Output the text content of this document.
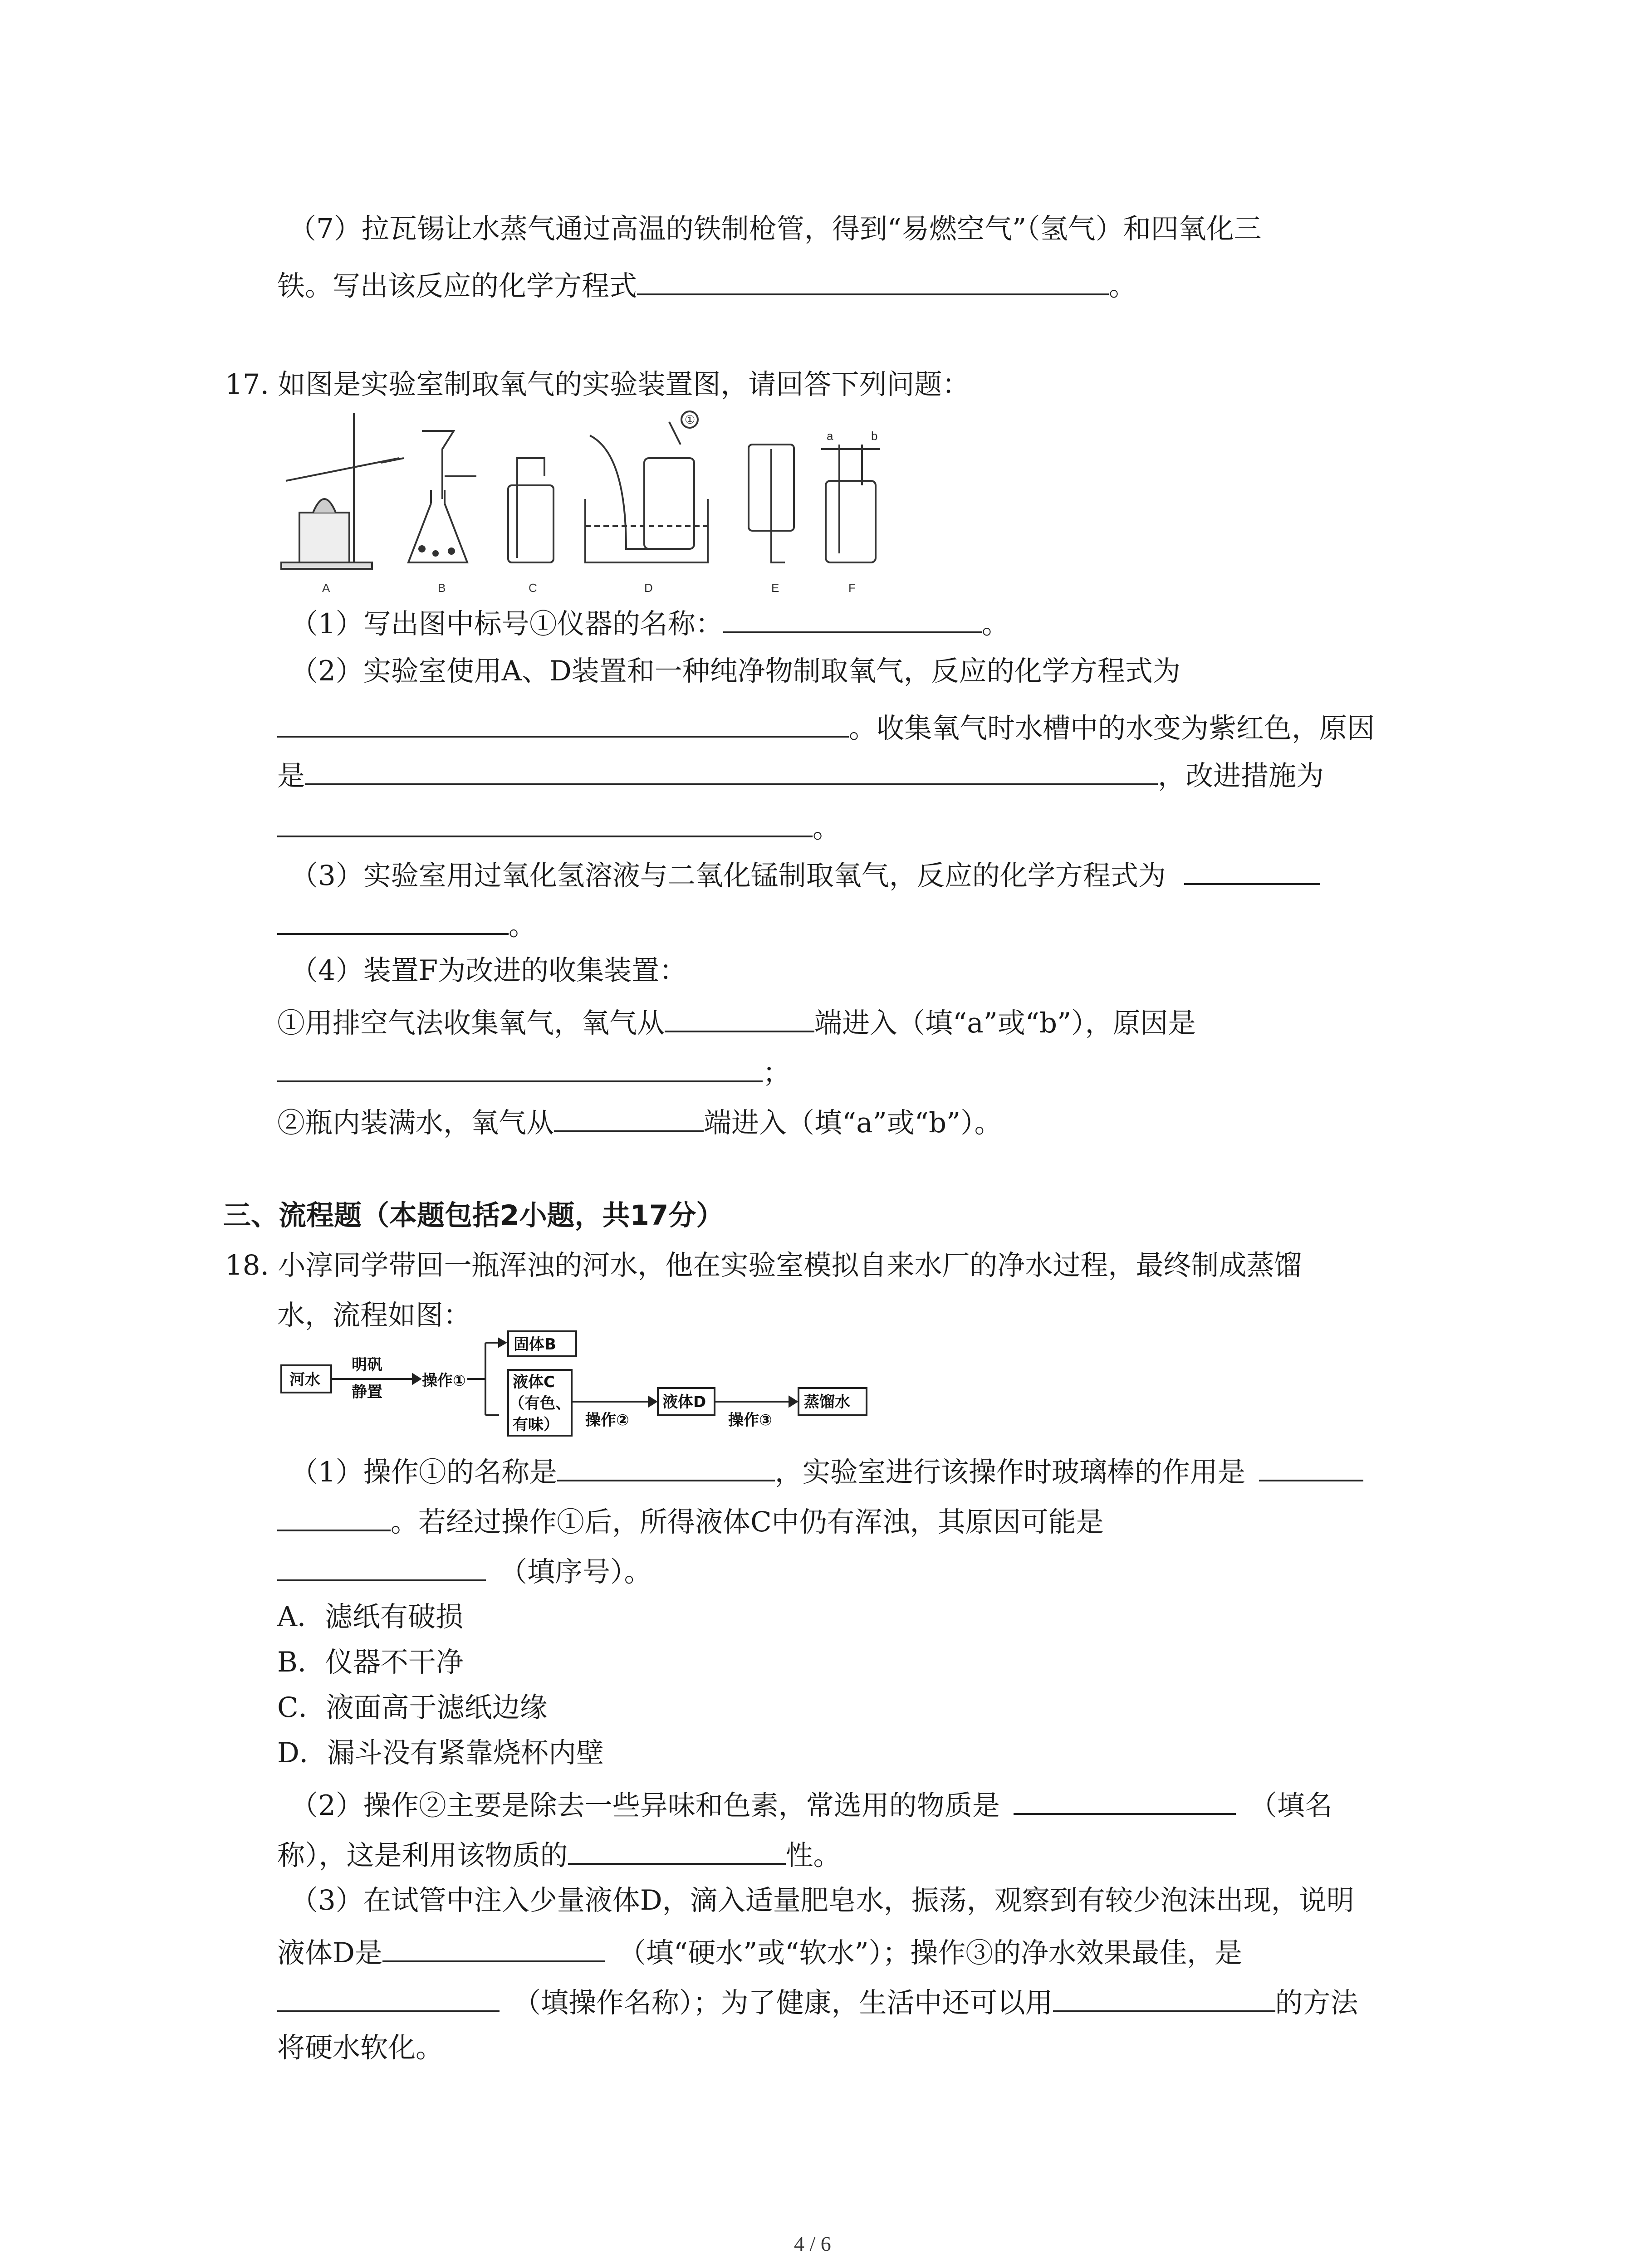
（7）拉瓦锡让水蒸气通过高温的铁制枪管，得到“易燃空气”（氢气）和四氧化三
铁。写出该反应的化学方程式	。
17. 如图是实验室制取氧气的实验装置图，请回答下列问题：
A	B	C	D	E	F
①
a	b
（1）写出图中标号①仪器的名称：	。
（2）实验室使用A、D装置和一种纯净物制取氧气，反应的化学方程式为
。收集氧气时水槽中的水变为紫红色，原因
是	，改进措施为
。
（3）实验室用过氧化氢溶液与二氧化锰制取氧气，反应的化学方程式为
。
（4）装置F为改进的收集装置：
①用排空气法收集氧气，氧气从	端进入（填“a”或“b”），原因是
；
②瓶内装满水，氧气从	端进入（填“a”或“b”）。
三、流程题（本题包括2小题，共17分）
18. 小淳同学带回一瓶浑浊的河水，他在实验室模拟自来水厂的净水过程，最终制成蒸馏
水，流程如图：
河水
明矾
静置
操作①
固体B
液体C
（有色、
有味） 操作②
液体D
操作③
蒸馏水
（1）操作①的名称是	，实验室进行该操作时玻璃棒的作用是
。若经过操作①后，所得液体C中仍有浑浊，其原因可能是
（填序号）。
A．滤纸有破损
B．仪器不干净
C．液面高于滤纸边缘
D．漏斗没有紧靠烧杯内壁
（2）操作②主要是除去一些异味和色素，常选用的物质是	（填名
称），这是利用该物质的	性。
（3）在试管中注入少量液体D，滴入适量肥皂水，振荡，观察到有较少泡沫出现，说明
液体D是	（填“硬水”或“软水”）；操作③的净水效果最佳，是
（填操作名称）；为了健康，生活中还可以用	的方法
将硬水软化。
4 / 6
